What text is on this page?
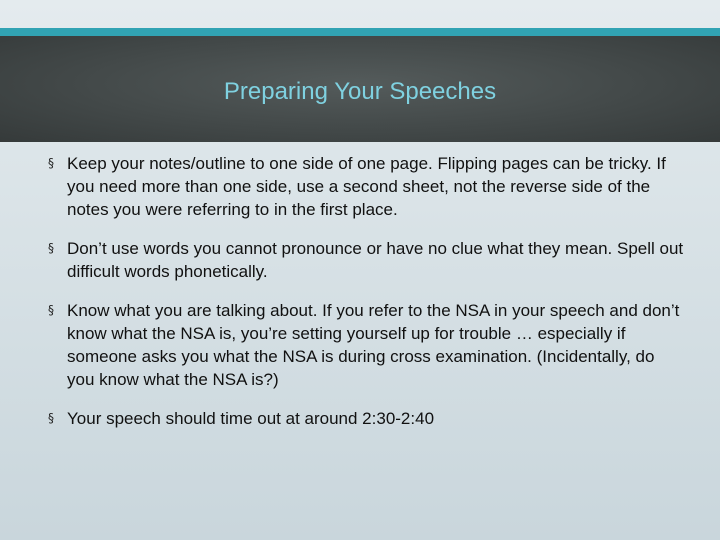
Preparing Your Speeches
§ Keep your notes/outline to one side of one page. Flipping pages can be tricky. If you need more than one side, use a second sheet, not the reverse side of the notes you were referring to in the first place.
§ Don’t use words you cannot pronounce or have no clue what they mean. Spell out difficult words phonetically.
§ Know what you are talking about. If you refer to the NSA in your speech and don’t know what the NSA is, you’re setting yourself up for trouble … especially if someone asks you what the NSA is during cross examination. (Incidentally, do you know what the NSA is?)
§ Your speech should time out at around 2:30-2:40
